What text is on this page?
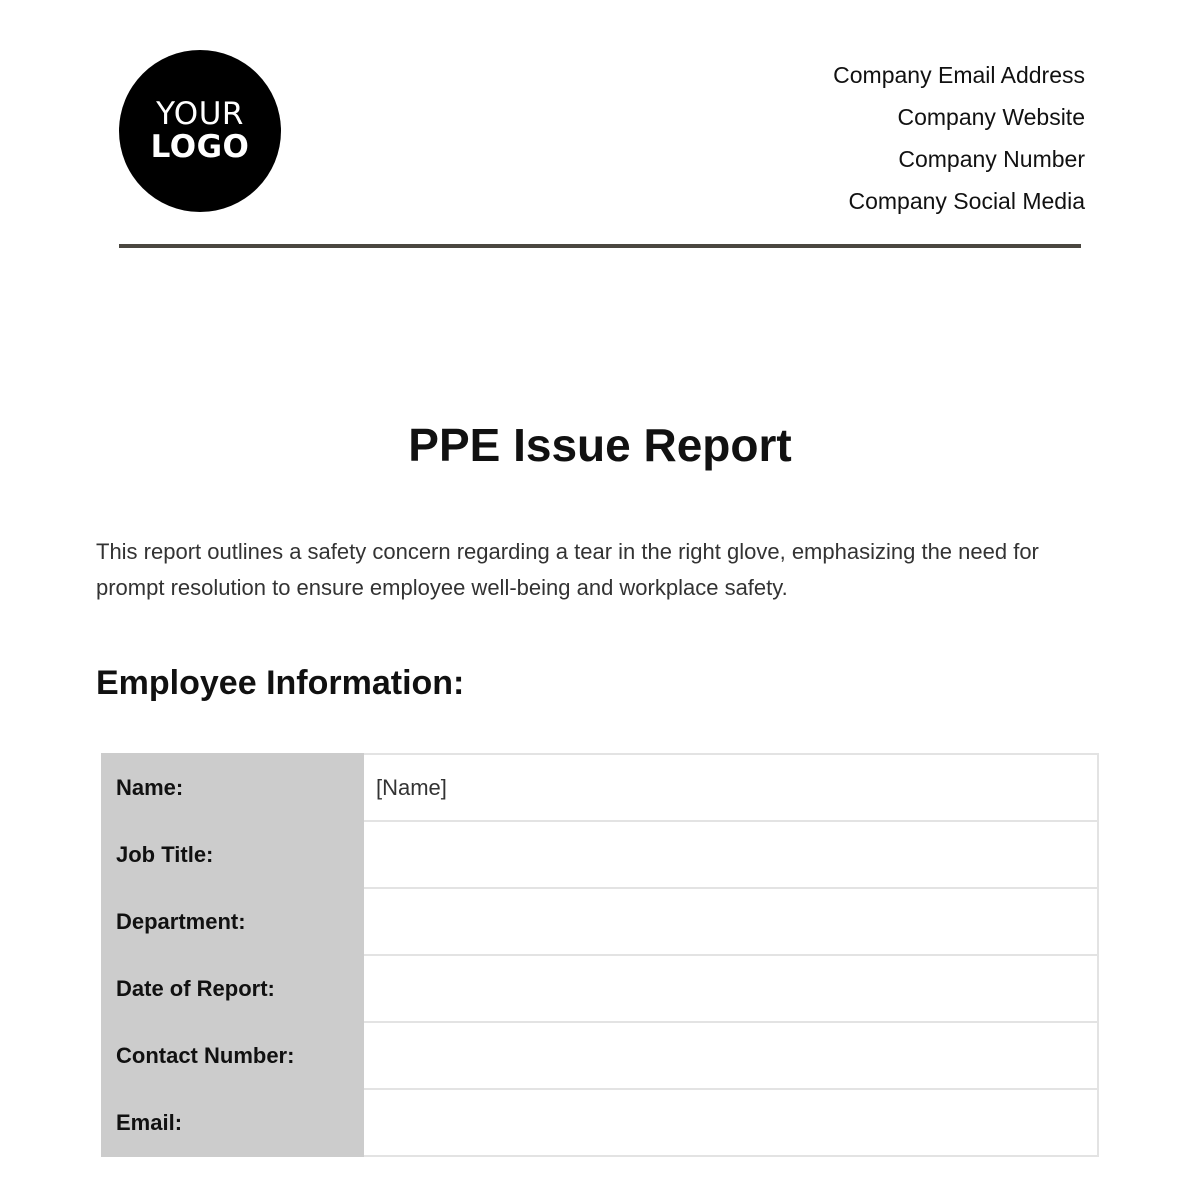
YOUR
LOGO
Company Email Address
Company Website
Company Number
Company Social Media
PPE Issue Report

This report outlines a safety concern regarding a tear in the right glove, emphasizing the need for prompt resolution to ensure employee well-being and workplace safety.

Employee Information:
Name:	[Name]
Job Title:	
Department:	
Date of Report:	
Contact Number:	
Email:	
